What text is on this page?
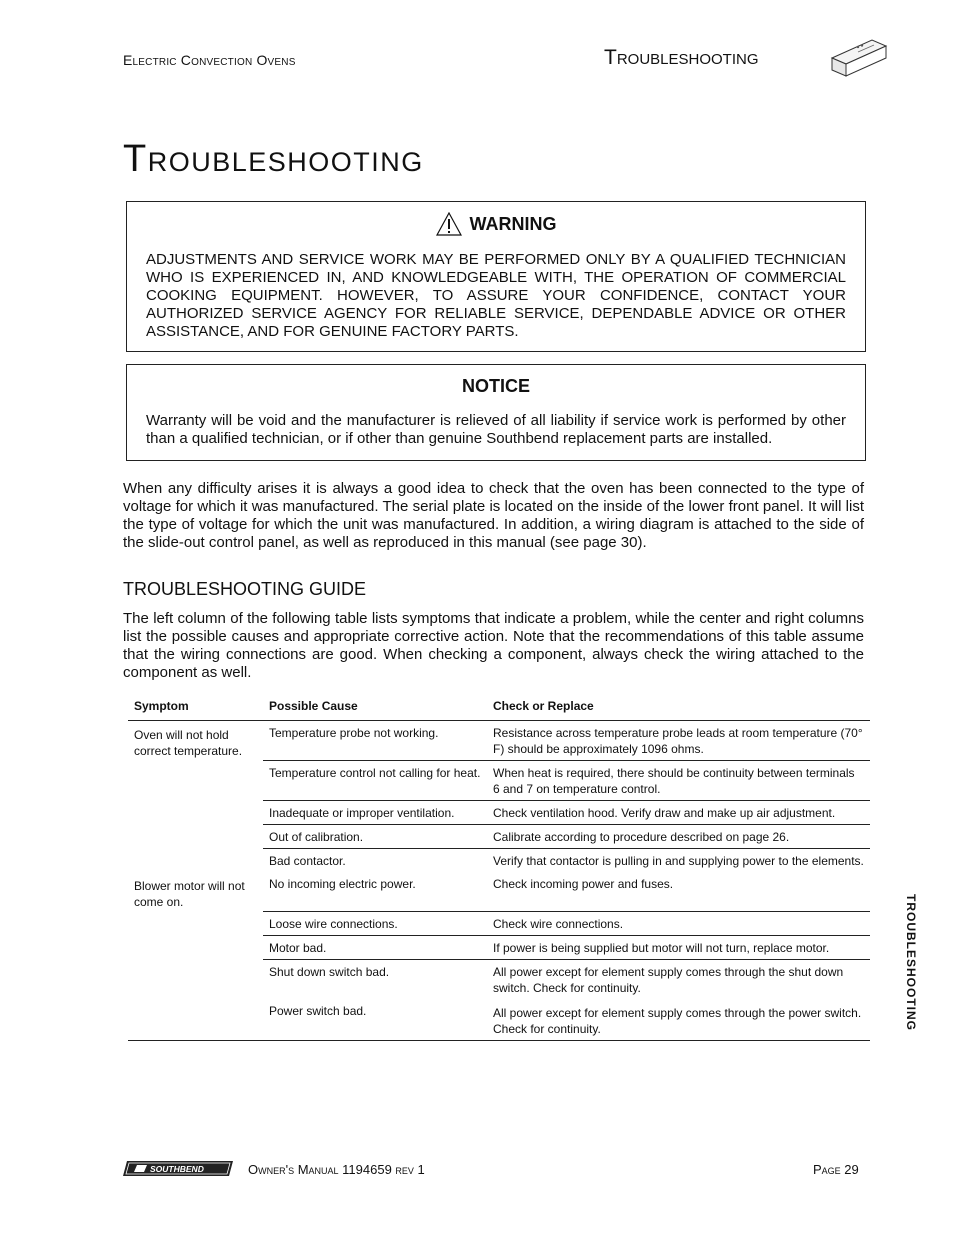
Electric Convection Ovens	Troubleshooting
Troubleshooting
WARNING

ADJUSTMENTS AND SERVICE WORK MAY BE PERFORMED ONLY BY A QUALIFIED TECHNICIAN WHO IS EXPERIENCED IN, AND KNOWLEDGEABLE WITH, THE OPERATION OF COMMERCIAL COOKING EQUIPMENT. HOWEVER, TO ASSURE YOUR CONFIDENCE, CONTACT YOUR AUTHORIZED SERVICE AGENCY FOR RELIABLE SERVICE, DEPENDABLE ADVICE OR OTHER ASSISTANCE, AND FOR GENUINE FACTORY PARTS.

NOTICE

Warranty will be void and the manufacturer is relieved of all liability if service work is performed by other than a qualified technician, or if other than genuine Southbend replacement parts are installed.

When any difficulty arises it is always a good idea to check that the oven has been connected to the type of voltage for which it was manufactured. The serial plate is located on the inside of the lower front panel. It will list the type of voltage for which the unit was manufactured. In addition, a wiring diagram is attached to the side of the slide-out control panel, as well as reproduced in this manual (see page 30).

TROUBLESHOOTING GUIDE

The left column of the following table lists symptoms that indicate a problem, while the center and right columns list the possible causes and appropriate corrective action. Note that the recommendations of this table assume that the wiring connections are good. When checking a component, always check the wiring attached to the component as well.

Symptom	Possible Cause	Check or Replace
Oven will not hold correct temperature.	Temperature probe not working.	Resistance across temperature probe leads at room temperature (70° F) should be approximately 1096 ohms.
	Temperature control not calling for heat.	When heat is required, there should be continuity between terminals 6 and 7 on temperature control.
	Inadequate or improper ventilation.	Check ventilation hood. Verify draw and make up air adjustment.
	Out of calibration.	Calibrate according to procedure described on page 26.
	Bad contactor.	Verify that contactor is pulling in and supplying power to the elements.
Blower motor will not come on.	No incoming electric power.	Check incoming power and fuses.
	Loose wire connections.	Check wire connections.
	Motor bad.	If power is being supplied but motor will not turn, replace motor.
	Shut down switch bad.	All power except for element supply comes through the shut down switch. Check for continuity.
	Power switch bad.	All power except for element supply comes through the power switch. Check for continuity.	TROUBLESHOOTING
SOUTHBEND	Owner's Manual 1194659 rev 1	Page 29
